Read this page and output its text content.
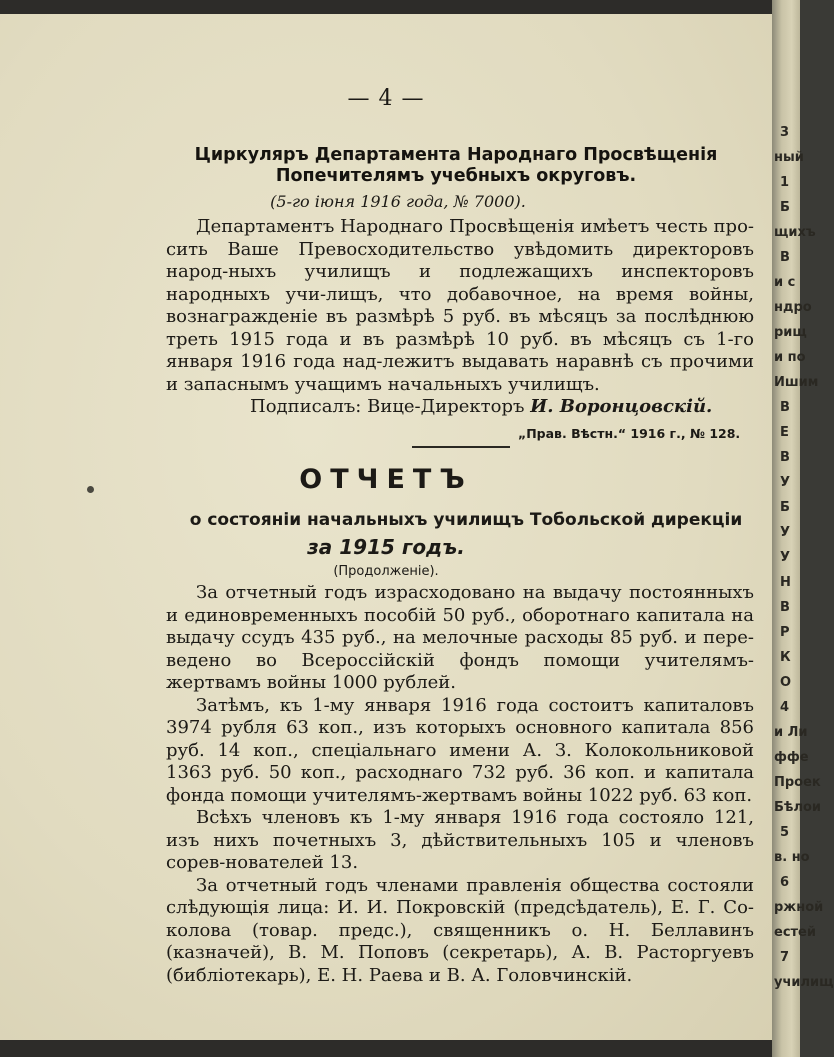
— 4 —
Циркуляръ Департамента Народнаго Просвѣщенія Попечителямъ учебныхъ округовъ.
(5-го іюня 1916 года, № 7000).

Департаментъ Народнаго Просвѣщенія имѣетъ честь про-сить Ваше Превосходительство увѣдомить директоровъ народ-ныхъ училищъ и подлежащихъ инспекторовъ народныхъ учи-лищъ, что добавочное, на время войны, вознагражденіе въ размѣрѣ 5 руб. въ мѣсяцъ за послѣднюю треть 1915 года и въ размѣрѣ 10 руб. въ мѣсяцъ съ 1-го января 1916 года над-лежитъ выдавать наравнѣ съ прочими и запаснымъ учащимъ начальныхъ училищъ.

Подписалъ: Вице-Директоръ И. Воронцовскій.
„Прав. Вѣстн.“ 1916 г., № 128.
ОТЧЕТЪ
о состояніи начальныхъ училищъ Тобольской дирекціи
за 1915 годъ.
(Продолженіе).

За отчетный годъ израсходовано на выдачу постоянныхъ и единовременныхъ пособій 50 руб., оборотнаго капитала на выдачу ссудъ 435 руб., на мелочные расходы 85 руб. и пере-ведено во Всероссійскій фондъ помощи учителямъ-жертвамъ войны 1000 рублей.

Затѣмъ, къ 1-му января 1916 года состоитъ капиталовъ 3974 рубля 63 коп., изъ которыхъ основного капитала 856 руб. 14 коп., спеціальнаго имени А. З. Колокольниковой 1363 руб. 50 коп., расходнаго 732 руб. 36 коп. и капитала фонда помощи учителямъ-жертвамъ войны 1022 руб. 63 коп.

Всѣхъ членовъ къ 1-му января 1916 года состояло 121, изъ нихъ почетныхъ 3, дѣйствительныхъ 105 и членовъ сорев-нователей 13.

За отчетный годъ членами правленія общества состояли слѣдующія лица: И. И. Покровскій (предсѣдатель), Е. Г. Со-колова (товар. предс.), священникъ о. Н. Беллавинъ (казначей), В. М. Поповъ (секретарь), А. В. Расторгуевъ (библіотекарь), Е. Н. Раева и В. А. Головчинскій.

3
ный
1
Б
щихъ
В
и с
ндро
рищ
и по
Ишим
В
Е
В
У
Б
У
У
Н
В
Р
К
О
4
и Ли
ффе
Проек
Бѣлои
5
в. но
6
ржной
естей
7
училищ
